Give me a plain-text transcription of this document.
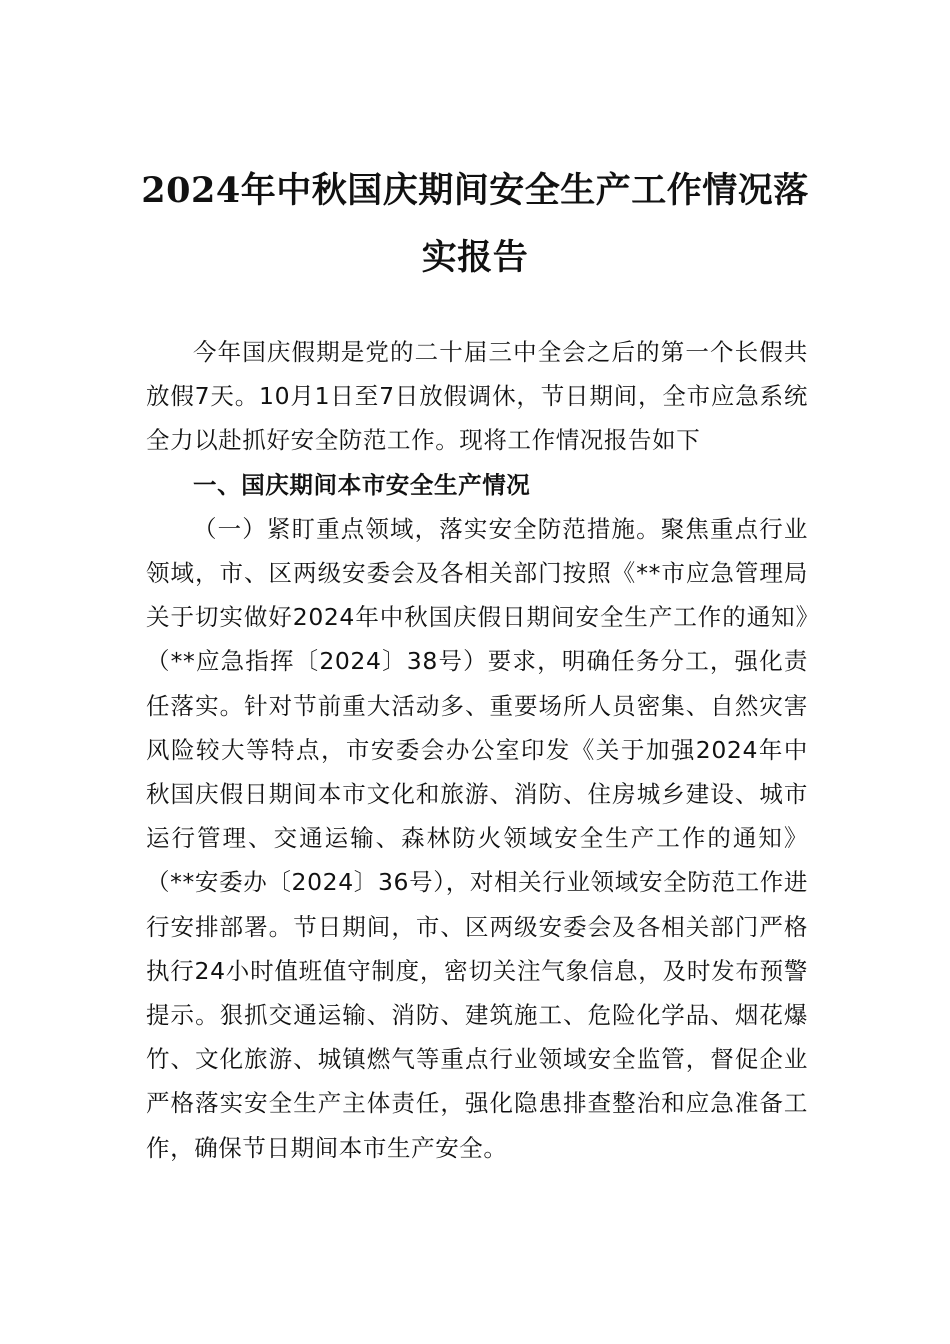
2024年中秋国庆期间安全生产工作情况落
实报告

今年国庆假期是党的二十届三中全会之后的第一个长假共放假7天。10月1日至7日放假调休，节日期间，全市应急系统全力以赴抓好安全防范工作。现将工作情况报告如下

一、国庆期间本市安全生产情况

（一）紧盯重点领域，落实安全防范措施。聚焦重点行业领域，市、区两级安委会及各相关部门按照《**市应急管理局关于切实做好2024年中秋国庆假日期间安全生产工作的通知》（**应急指挥〔2024〕38号）要求，明确任务分工，强化责任落实。针对节前重大活动多、重要场所人员密集、自然灾害风险较大等特点，市安委会办公室印发《关于加强2024年中秋国庆假日期间本市文化和旅游、消防、住房城乡建设、城市运行管理、交通运输、森林防火领域安全生产工作的通知》（**安委办〔2024〕36号），对相关行业领域安全防范工作进行安排部署。节日期间，市、区两级安委会及各相关部门严格执行24小时值班值守制度，密切关注气象信息，及时发布预警提示。狠抓交通运输、消防、建筑施工、危险化学品、烟花爆竹、文化旅游、城镇燃气等重点行业领域安全监管，督促企业严格落实安全生产主体责任，强化隐患排查整治和应急准备工作，确保节日期间本市生产安全。
